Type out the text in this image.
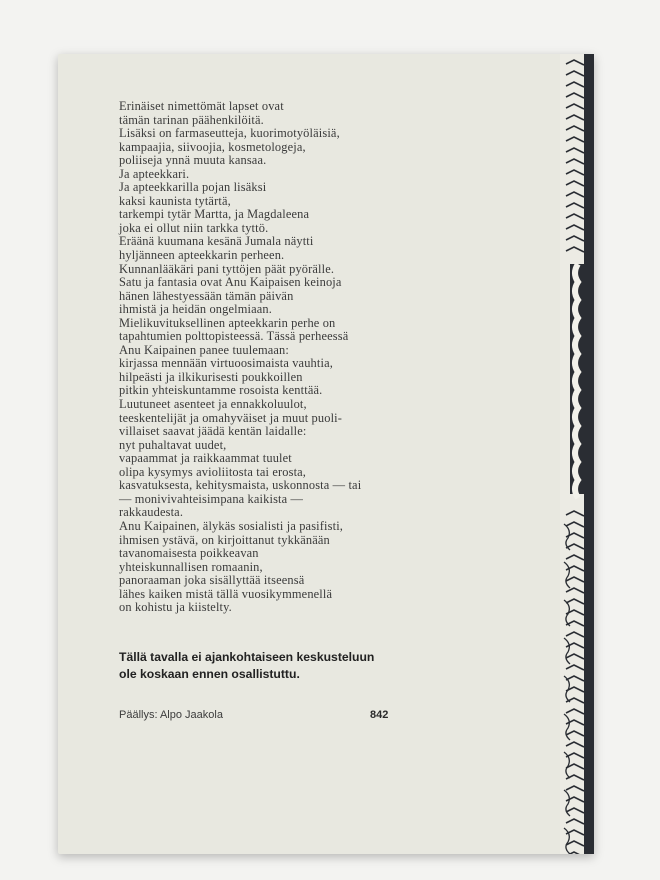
Erinäiset nimettömät lapset ovat
tämän tarinan päähenkilöitä.
Lisäksi on farmaseutteja, kuorimotyöläisiä,
kampaajia, siivoojia, kosmetologeja,
poliiseja ynnä muuta kansaa.
Ja apteekkari.
Ja apteekkarilla pojan lisäksi
kaksi kaunista tytärtä,
tarkempi tytär Martta, ja Magdaleena
joka ei ollut niin tarkka tyttö.
Eräänä kuumana kesänä Jumala näytti
hyljänneen apteekkarin perheen.
Kunnanlääkäri pani tyttöjen päät pyörälle.
Satu ja fantasia ovat Anu Kaipaisen keinoja
hänen lähestyessään tämän päivän
ihmistä ja heidän ongelmiaan.
Mielikuvituksellinen apteekkarin perhe on
tapahtumien polttopisteessä. Tässä perheessä
Anu Kaipainen panee tuulemaan:
kirjassa mennään virtuoosimaista vauhtia,
hilpeästi ja ilkikurisesti poukkoillen
pitkin yhteiskuntamme rosoista kenttää.
Luutuneet asenteet ja ennakkoluulot,
teeskentelijät ja omahyväiset ja muut puoli-
villaiset saavat jäädä kentän laidalle:
nyt puhaltavat uudet,
vapaammat ja raikkaammat tuulet
olipa kysymys avioliitosta tai erosta,
kasvatuksesta, kehitysmaista, uskonnosta — tai
— monivivahteisimpana kaikista —
rakkaudesta.
Anu Kaipainen, älykäs sosialisti ja pasifisti,
ihmisen ystävä, on kirjoittanut tykkänään
tavanomaisesta poikkeavan
yhteiskunnallisen romaanin,
panoraaman joka sisällyttää itseensä
lähes kaiken mistä tällä vuosikymmenellä
on kohistu ja kiistelty.
Tällä tavalla ei ajankohtaiseen keskusteluun
ole koskaan ennen osallistuttu.
Päällys: Alpo Jaakola	842
